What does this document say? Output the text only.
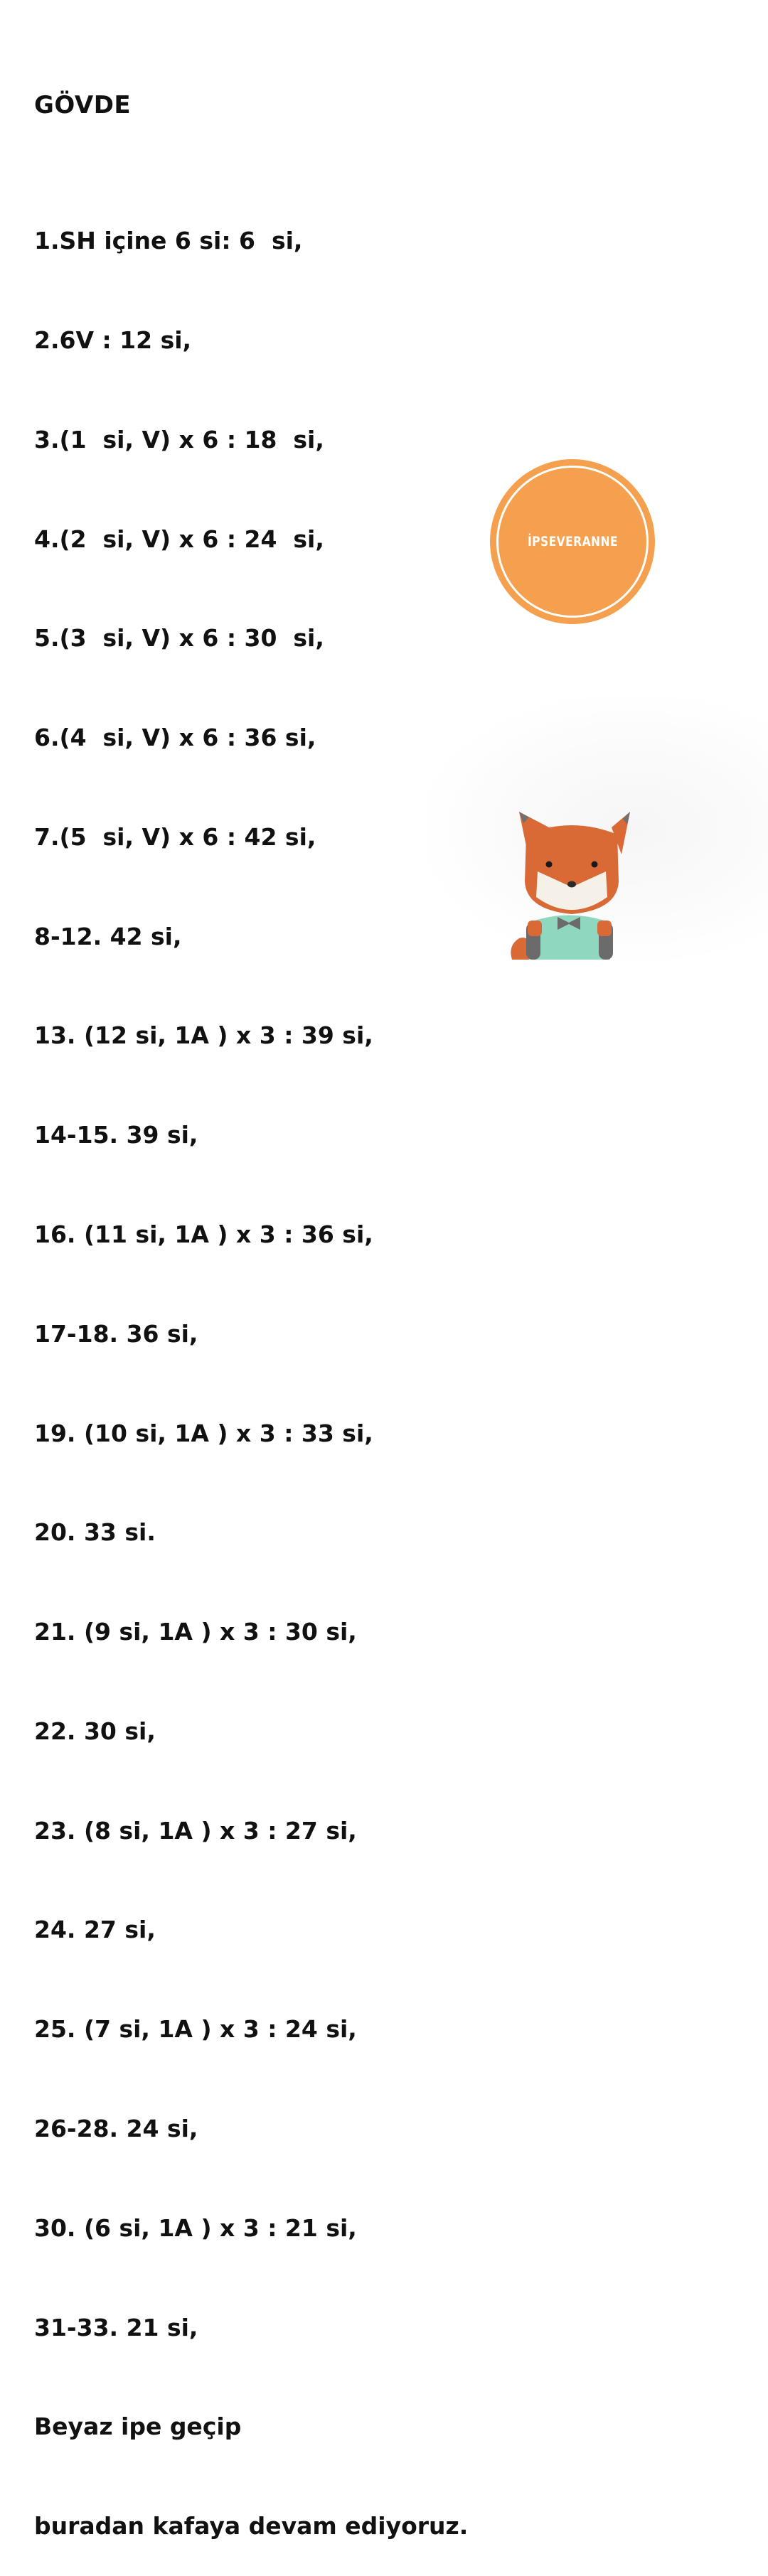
GÖVDE

1.SH içine 6 si: 6  si,

2.6V : 12 si,

3.(1  si, V) x 6 : 18  si,

4.(2  si, V) x 6 : 24  si,

5.(3  si, V) x 6 : 30  si,

6.(4  si, V) x 6 : 36 si,

7.(5  si, V) x 6 : 42 si,

8-12. 42 si,

13. (12 si, 1A ) x 3 : 39 si,

14-15. 39 si,

16. (11 si, 1A ) x 3 : 36 si,

17-18. 36 si,

19. (10 si, 1A ) x 3 : 33 si,

20. 33 si.

21. (9 si, 1A ) x 3 : 30 si,

22. 30 si,

23. (8 si, 1A ) x 3 : 27 si,

24. 27 si,

25. (7 si, 1A ) x 3 : 24 si,

26-28. 24 si,

30. (6 si, 1A ) x 3 : 21 si,

31-33. 21 si,

Beyaz ipe geçip

buradan kafaya devam ediyoruz.

İPSEVERANNE
